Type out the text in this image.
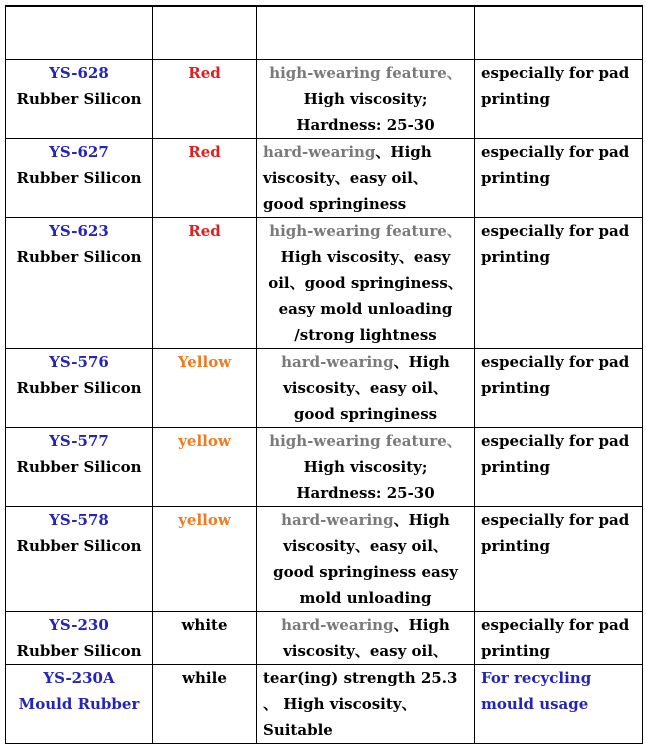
YS-628
Rubber Silicon	Red	high-wearing feature、 High viscosity; Hardness: 25-30	especially for pad printing

YS-627
Rubber Silicon	Red	hard-wearing、High viscosity、easy oil、good springiness	especially for pad printing

YS-623
Rubber Silicon	Red	high-wearing feature、 High viscosity、easy oil、good springiness、easy mold unloading /strong lightness	especially for pad printing

YS-576
Rubber Silicon	Yellow	hard-wearing、High viscosity、easy oil、good springiness	especially for pad printing

YS-577
Rubber Silicon	yellow	high-wearing feature、 High viscosity; Hardness: 25-30	especially for pad printing

YS-578
Rubber Silicon	yellow	hard-wearing、High viscosity、easy oil、good springiness easy mold unloading	especially for pad printing

YS-230
Rubber Silicon	white	hard-wearing、High viscosity、easy oil、	especially for pad printing

YS-230A
Mould Rubber	while	tear(ing) strength 25.3 、 High viscosity、 Suitable	For recycling mould usage
